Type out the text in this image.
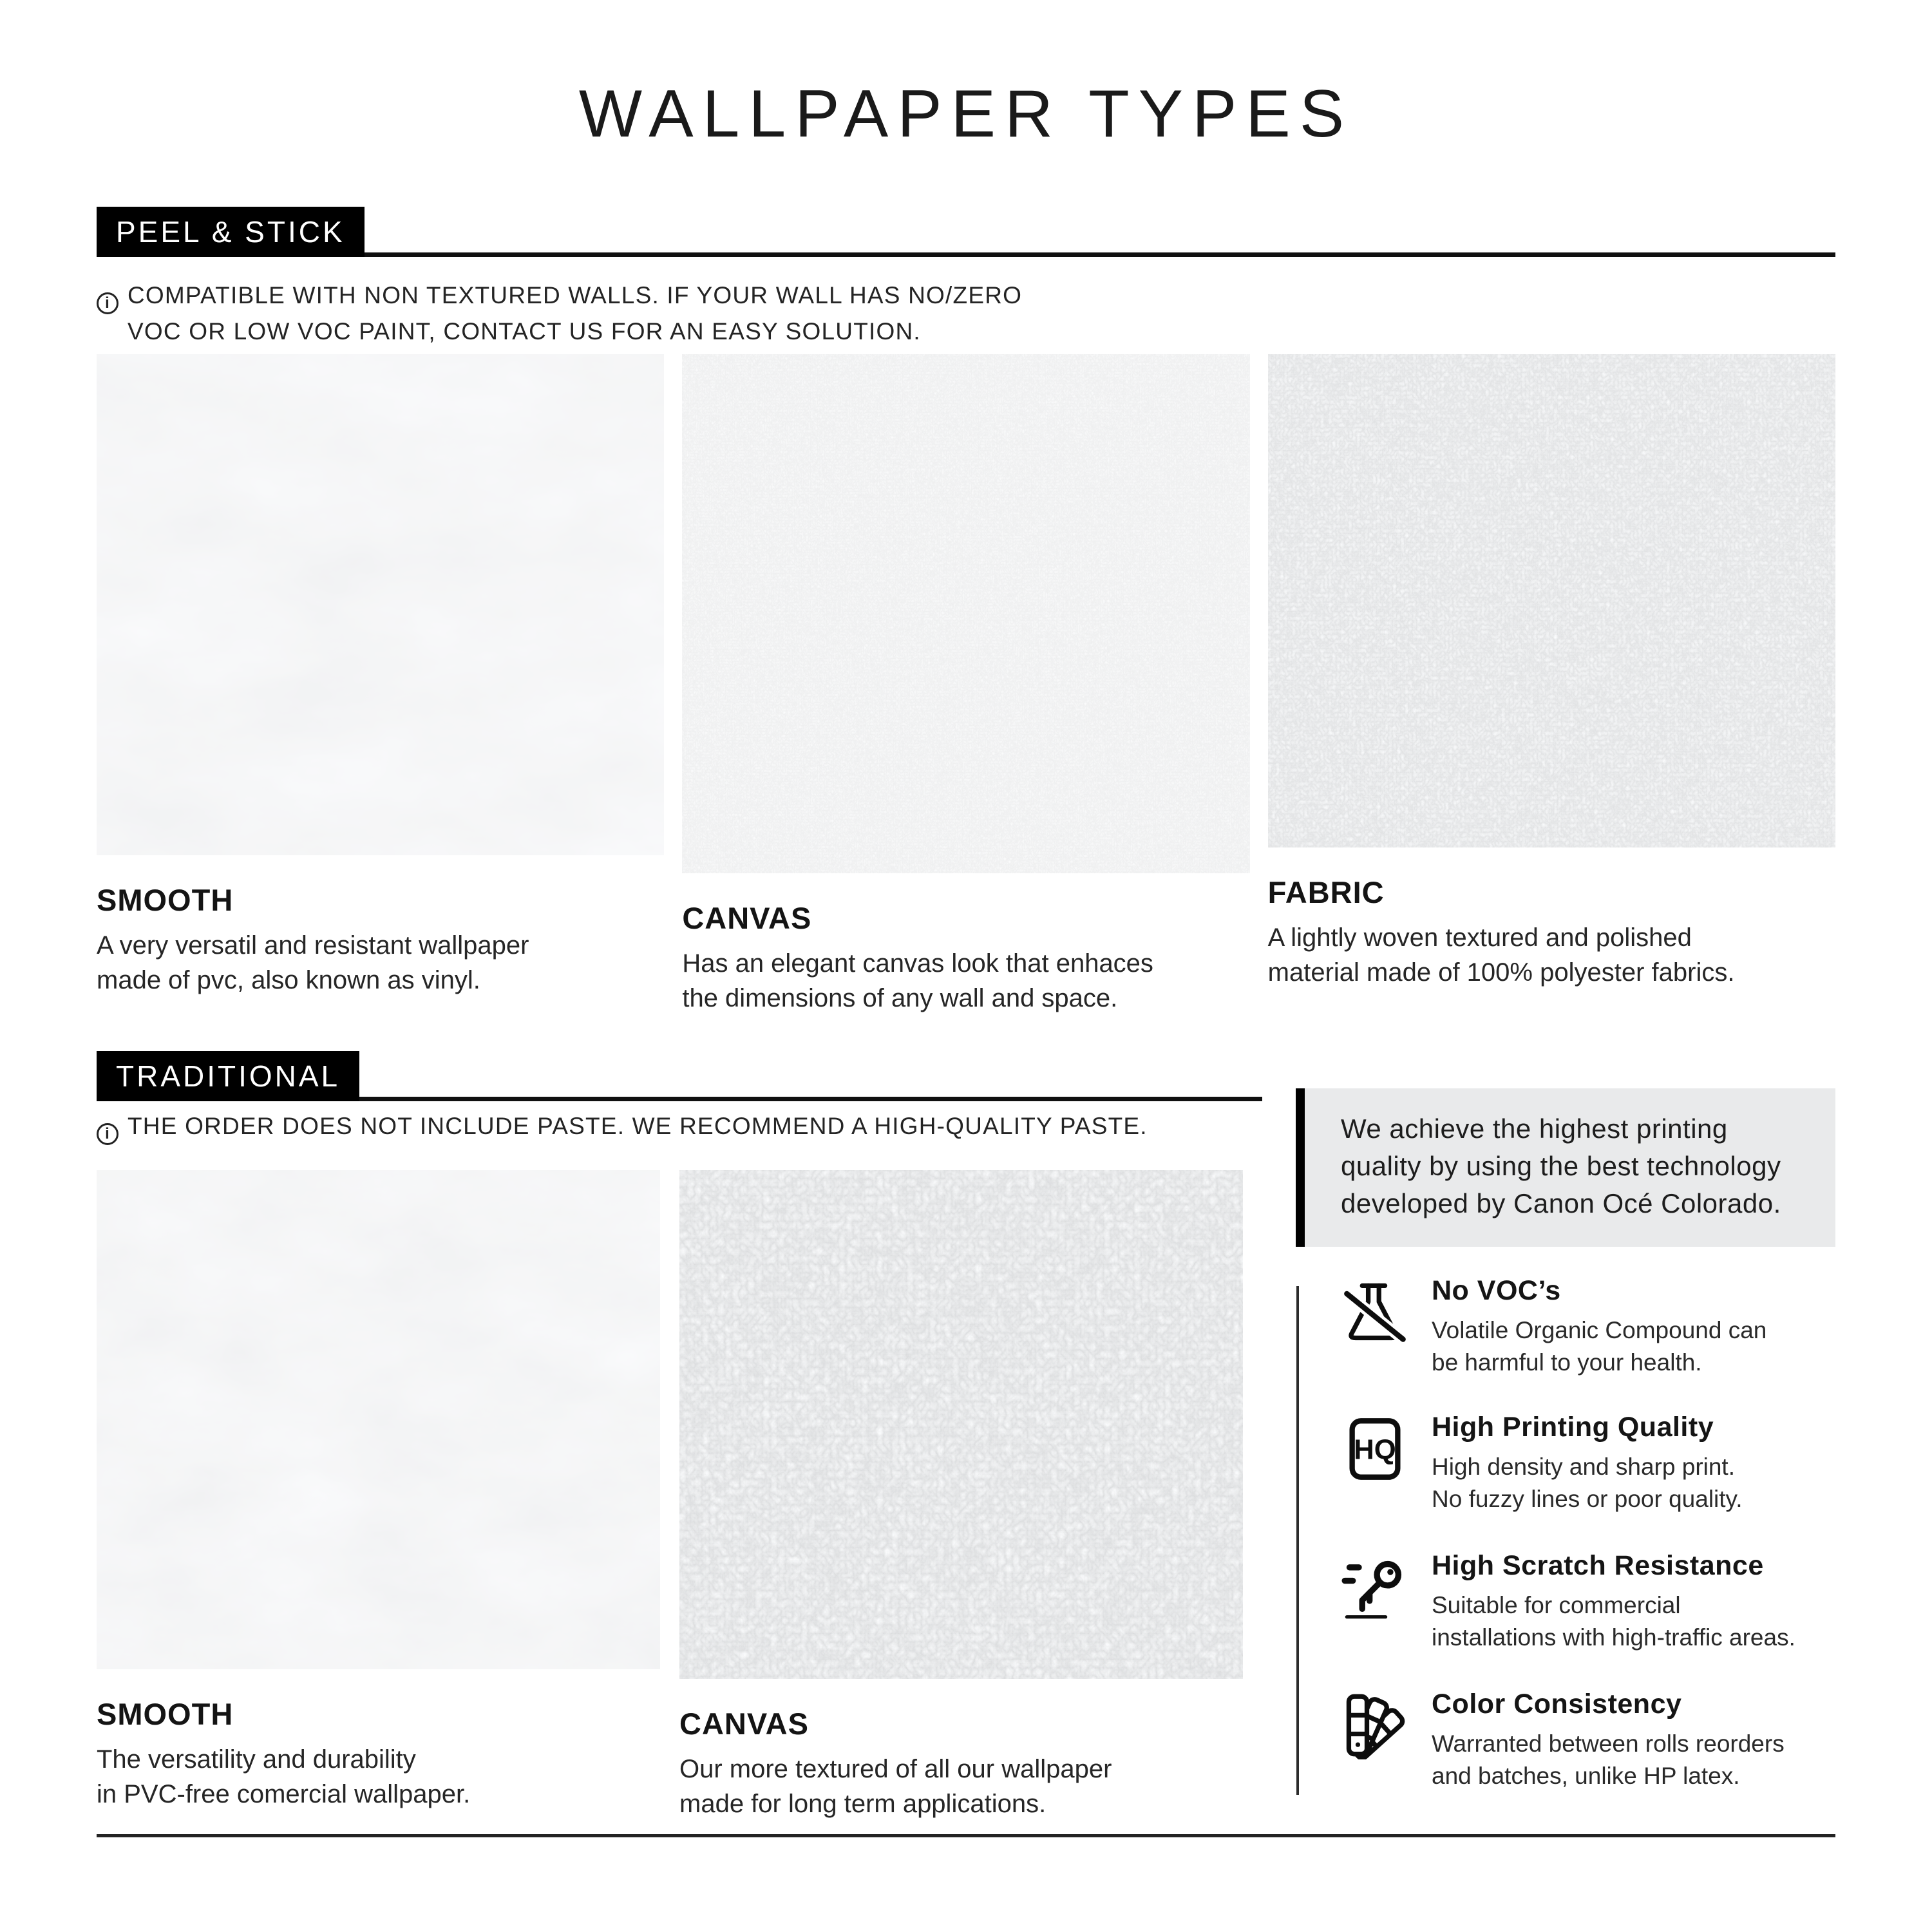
WALLPAPER TYPES
PEEL & STICK
i COMPATIBLE WITH NON TEXTURED WALLS. IF YOUR WALL HAS NO/ZERO
VOC OR LOW VOC PAINT, CONTACT US FOR AN EASY SOLUTION.
SMOOTH

A very versatil and resistant wallpaper
made of pvc, also known as vinyl.

CANVAS

Has an elegant canvas look that enhaces
the dimensions of any wall and space.

FABRIC

A lightly woven textured and polished
material made of 100% polyester fabrics.

TRADITIONAL
i THE ORDER DOES NOT INCLUDE PASTE. WE RECOMMEND A HIGH-QUALITY PASTE.
SMOOTH

The versatility and durability
in PVC-free comercial wallpaper.

CANVAS

Our more textured of all our wallpaper
made for long term applications.

We achieve the highest printing
quality by using the best technology
developed by Canon Océ Colorado.
No VOC’s
Volatile Organic Compound can
be harmful to your health.
HQ
High Printing Quality
High density and sharp print.
No fuzzy lines or poor quality.
High Scratch Resistance
Suitable for commercial
installations with high-traffic areas.
Color Consistency
Warranted between rolls reorders
and batches, unlike HP latex.
